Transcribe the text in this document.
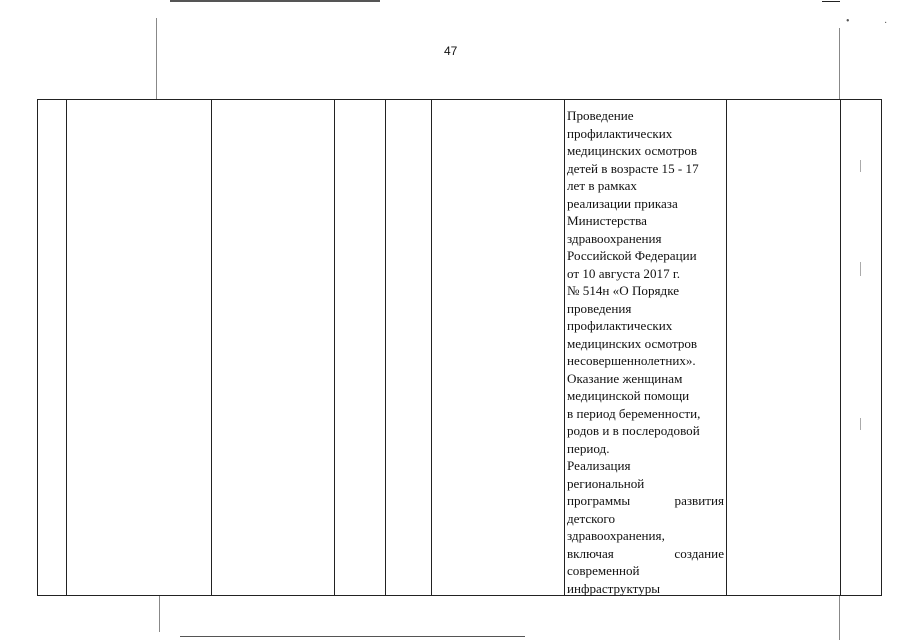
•	·
47
Проведение
профилактических
медицинских осмотров
детей в возрасте 15 - 17
лет в рамках
реализации приказа
Министерства
здравоохранения
Российской Федерации
от 10 августа 2017 г.
№ 514н «О Порядке
проведения
профилактических
медицинских осмотров
несовершеннолетних».
Оказание женщинам
медицинской помощи
в период беременности,
родов и в послеродовой
период.
Реализация
региональной
программы	развития
детского
здравоохранения,
включая	создание
современной
инфраструктуры
